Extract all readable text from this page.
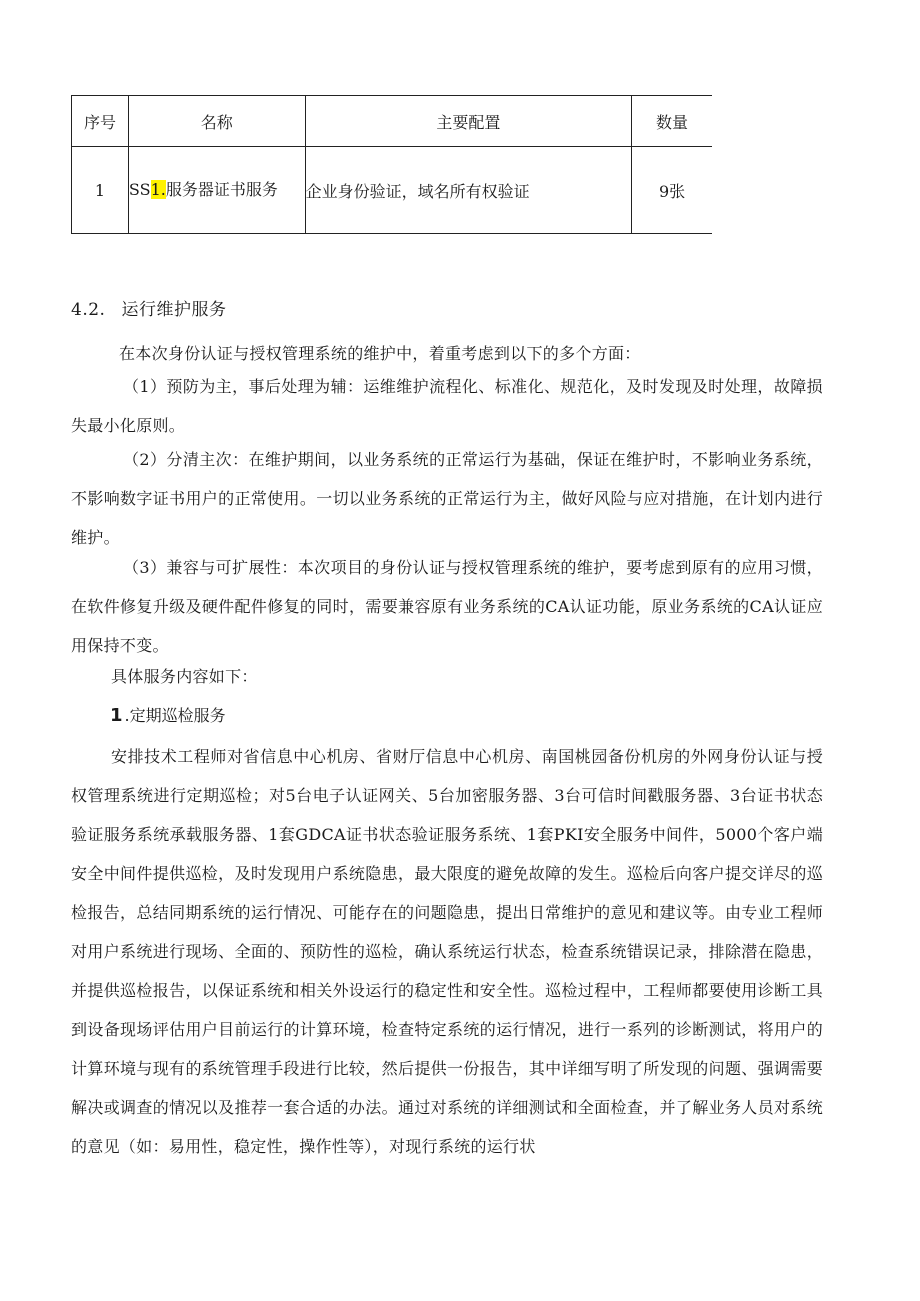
序号	名称	主要配置	数量
1	SS1.服务器证书服务	企业身份验证，域名所有权验证	9张
4.2. 运行维护服务

在本次身份认证与授权管理系统的维护中，着重考虑到以下的多个方面：

（1）预防为主，事后处理为辅：运维维护流程化、标准化、规范化，及时发现及时处理，故障损失最小化原则。

（2）分清主次：在维护期间，以业务系统的正常运行为基础，保证在维护时，不影响业务系统，不影响数字证书用户的正常使用。一切以业务系统的正常运行为主，做好风险与应对措施，在计划内进行维护。

（3）兼容与可扩展性：本次项目的身份认证与授权管理系统的维护，要考虑到原有的应用习惯，在软件修复升级及硬件配件修复的同时，需要兼容原有业务系统的CA认证功能，原业务系统的CA认证应用保持不变。

具体服务内容如下：

1 .定期巡检服务

安排技术工程师对省信息中心机房、省财厅信息中心机房、南国桃园备份机房的外网身份认证与授权管理系统进行定期巡检；对5台电子认证网关、5台加密服务器、3台可信时间戳服务器、3台证书状态验证服务系统承载服务器、1套GDCA证书状态验证服务系统、1套PKI安全服务中间件，5000个客户端安全中间件提供巡检，及时发现用户系统隐患，最大限度的避免故障的发生。巡检后向客户提交详尽的巡检报告，总结同期系统的运行情况、可能存在的问题隐患，提出日常维护的意见和建议等。由专业工程师对用户系统进行现场、全面的、预防性的巡检，确认系统运行状态，检查系统错误记录，排除潜在隐患，并提供巡检报告，以保证系统和相关外设运行的稳定性和安全性。巡检过程中，工程师都要使用诊断工具到设备现场评估用户目前运行的计算环境，检查特定系统的运行情况，进行一系列的诊断测试，将用户的计算环境与现有的系统管理手段进行比较，然后提供一份报告，其中详细写明了所发现的问题、强调需要解决或调查的情况以及推荐一套合适的办法。通过对系统的详细测试和全面检查，并了解业务人员对系统的意见（如：易用性，稳定性，操作性等），对现行系统的运行状
